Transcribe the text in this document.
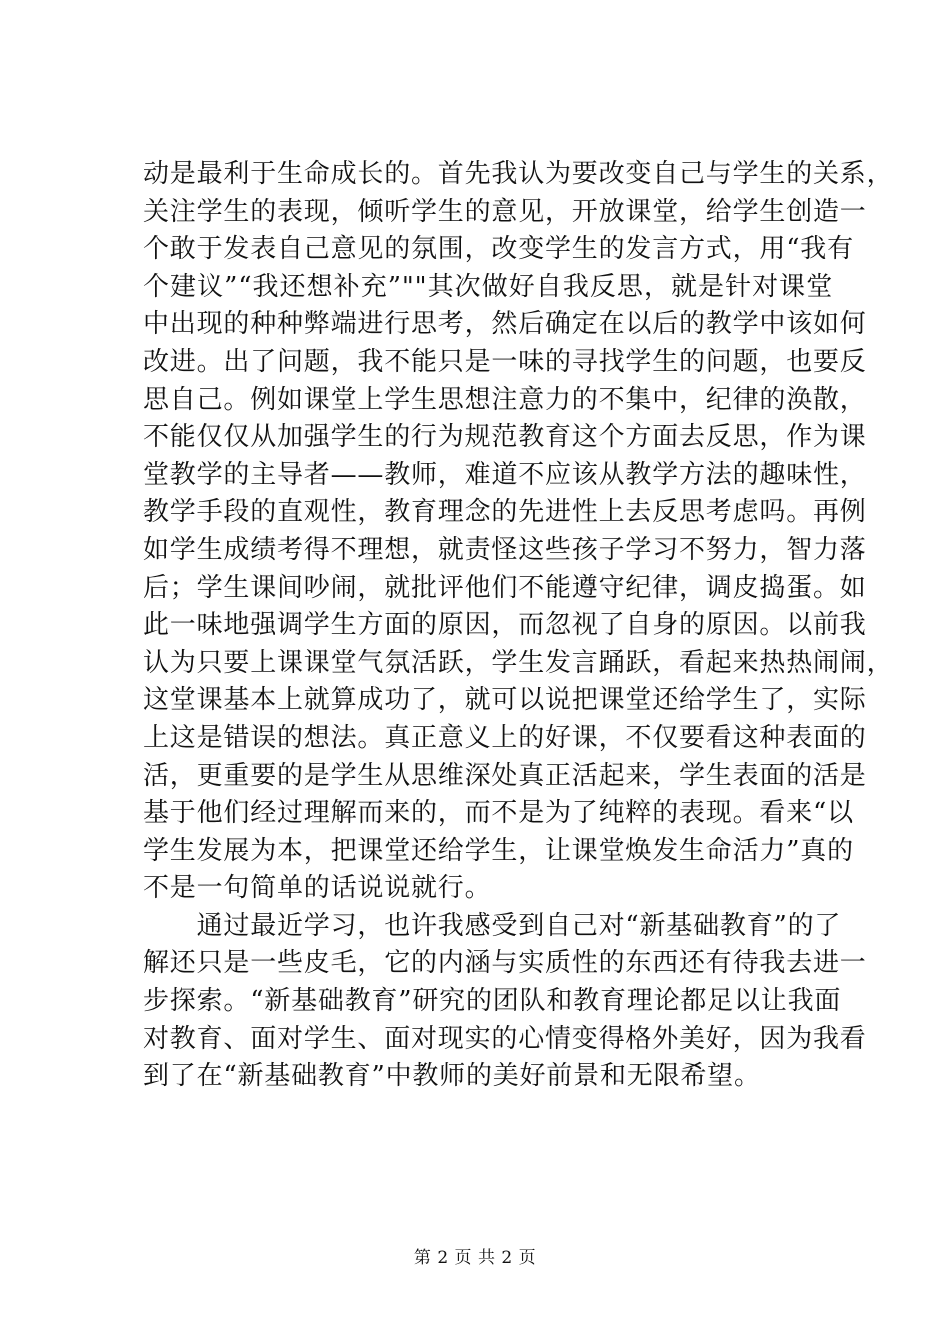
动是最利于生命成长的。首先我认为要改变自己与学生的关系，
关注学生的表现，倾听学生的意见，开放课堂，给学生创造一
个敢于发表自己意见的氛围，改变学生的发言方式，用“我有
个建议”“我还想补充”""其次做好自我反思，就是针对课堂
中出现的种种弊端进行思考，然后确定在以后的教学中该如何
改进。出了问题，我不能只是一味的寻找学生的问题，也要反
思自己。例如课堂上学生思想注意力的不集中，纪律的涣散，
不能仅仅从加强学生的行为规范教育这个方面去反思，作为课
堂教学的主导者——教师，难道不应该从教学方法的趣味性，
教学手段的直观性，教育理念的先进性上去反思考虑吗。再例
如学生成绩考得不理想，就责怪这些孩子学习不努力，智力落
后；学生课间吵闹，就批评他们不能遵守纪律，调皮捣蛋。如
此一味地强调学生方面的原因，而忽视了自身的原因。以前我
认为只要上课课堂气氛活跃，学生发言踊跃，看起来热热闹闹，
这堂课基本上就算成功了，就可以说把课堂还给学生了，实际
上这是错误的想法。真正意义上的好课，不仅要看这种表面的
活，更重要的是学生从思维深处真正活起来，学生表面的活是
基于他们经过理解而来的，而不是为了纯粹的表现。看来“以
学生发展为本，把课堂还给学生，让课堂焕发生命活力”真的
不是一句简单的话说说就行。
　　通过最近学习，也许我感受到自己对“新基础教育”的了
解还只是一些皮毛，它的内涵与实质性的东西还有待我去进一
步探索。“新基础教育”研究的团队和教育理论都足以让我面
对教育、面对学生、面对现实的心情变得格外美好，因为我看
到了在“新基础教育”中教师的美好前景和无限希望。
第 2 页 共 2 页
